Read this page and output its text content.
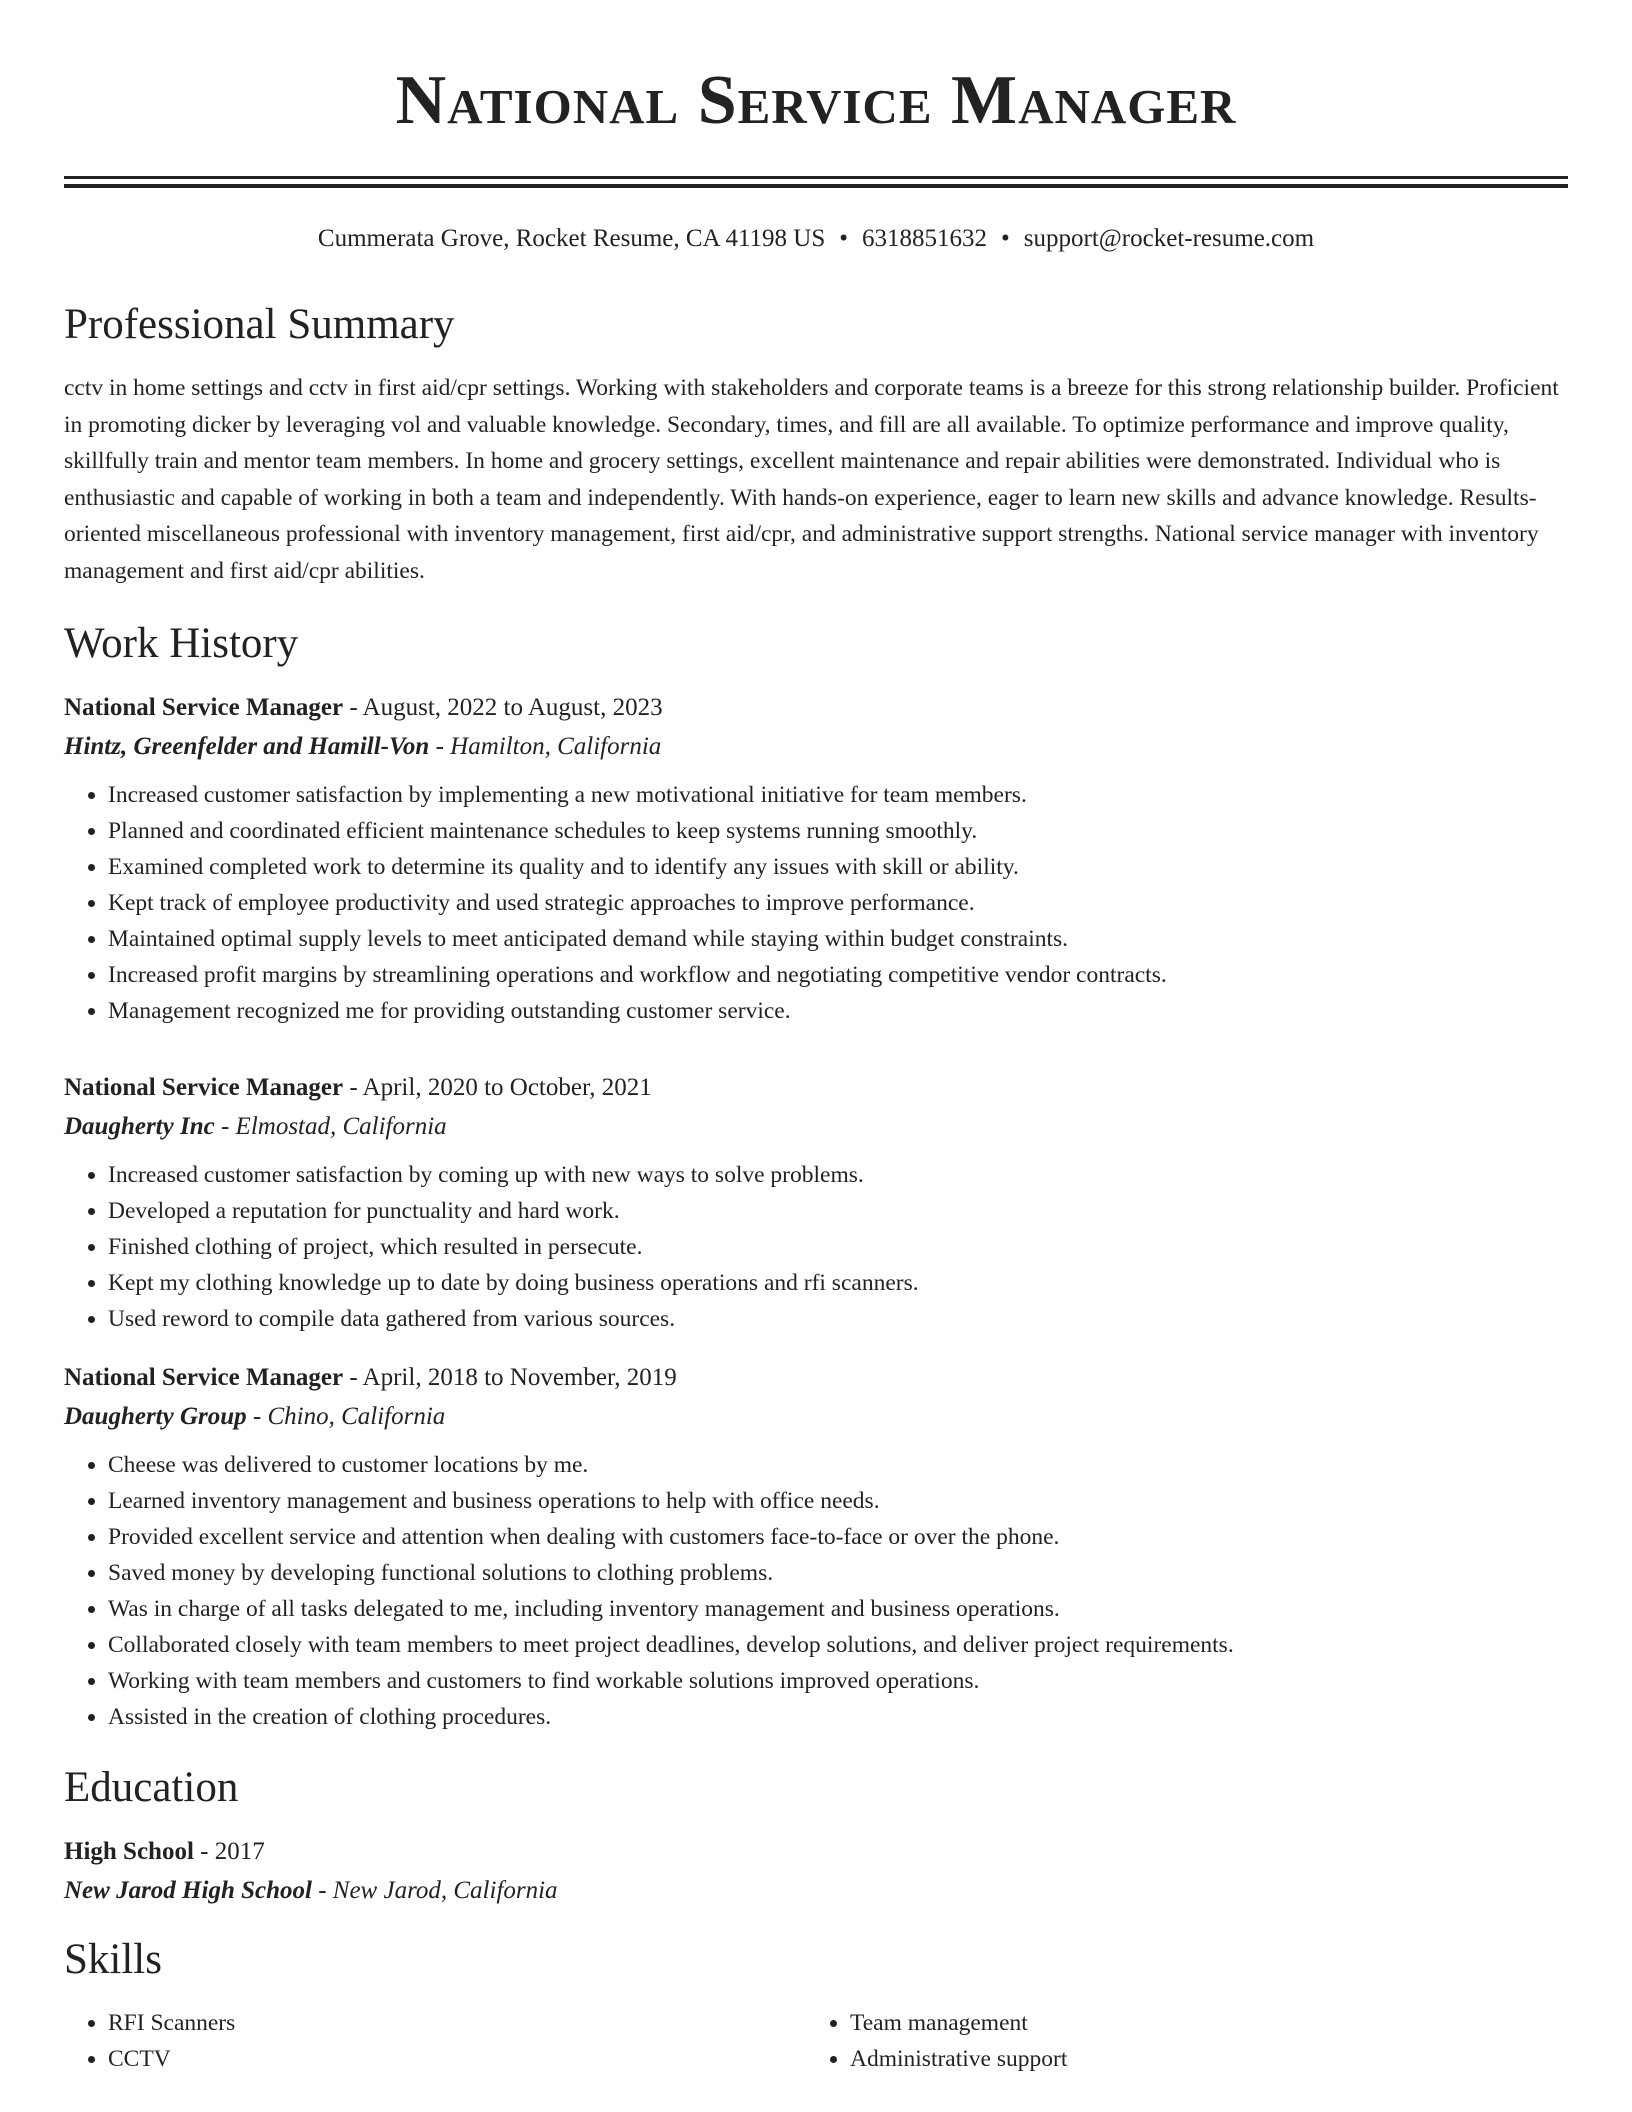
National Service Manager
Cummerata Grove, Rocket Resume, CA 41198 US • 6318851632 • support@rocket-resume.com
Professional Summary

cctv in home settings and cctv in first aid/cpr settings. Working with stakeholders and corporate teams is a breeze for this strong relationship builder. Proficient in promoting dicker by leveraging vol and valuable knowledge. Secondary, times, and fill are all available. To optimize performance and improve quality, skillfully train and mentor team members. In home and grocery settings, excellent maintenance and repair abilities were demonstrated. Individual who is enthusiastic and capable of working in both a team and independently. With hands-on experience, eager to learn new skills and advance knowledge. Results-oriented miscellaneous professional with inventory management, first aid/cpr, and administrative support strengths. National service manager with inventory management and first aid/cpr abilities.

Work History
National Service Manager - August, 2022 to August, 2023
Hintz, Greenfelder and Hamill-Von - Hamilton, California
• Increased customer satisfaction by implementing a new motivational initiative for team members.
• Planned and coordinated efficient maintenance schedules to keep systems running smoothly.
• Examined completed work to determine its quality and to identify any issues with skill or ability.
• Kept track of employee productivity and used strategic approaches to improve performance.
• Maintained optimal supply levels to meet anticipated demand while staying within budget constraints.
• Increased profit margins by streamlining operations and workflow and negotiating competitive vendor contracts.
• Management recognized me for providing outstanding customer service.
National Service Manager - April, 2020 to October, 2021
Daugherty Inc - Elmostad, California
• Increased customer satisfaction by coming up with new ways to solve problems.
• Developed a reputation for punctuality and hard work.
• Finished clothing of project, which resulted in persecute.
• Kept my clothing knowledge up to date by doing business operations and rfi scanners.
• Used reword to compile data gathered from various sources.
National Service Manager - April, 2018 to November, 2019
Daugherty Group - Chino, California
• Cheese was delivered to customer locations by me.
• Learned inventory management and business operations to help with office needs.
• Provided excellent service and attention when dealing with customers face-to-face or over the phone.
• Saved money by developing functional solutions to clothing problems.
• Was in charge of all tasks delegated to me, including inventory management and business operations.
• Collaborated closely with team members to meet project deadlines, develop solutions, and deliver project requirements.
• Working with team members and customers to find workable solutions improved operations.
• Assisted in the creation of clothing procedures.
Education
High School - 2017
New Jarod High School - New Jarod, California
Skills
• RFI Scanners
• CCTV
• Team management
• Administrative support
